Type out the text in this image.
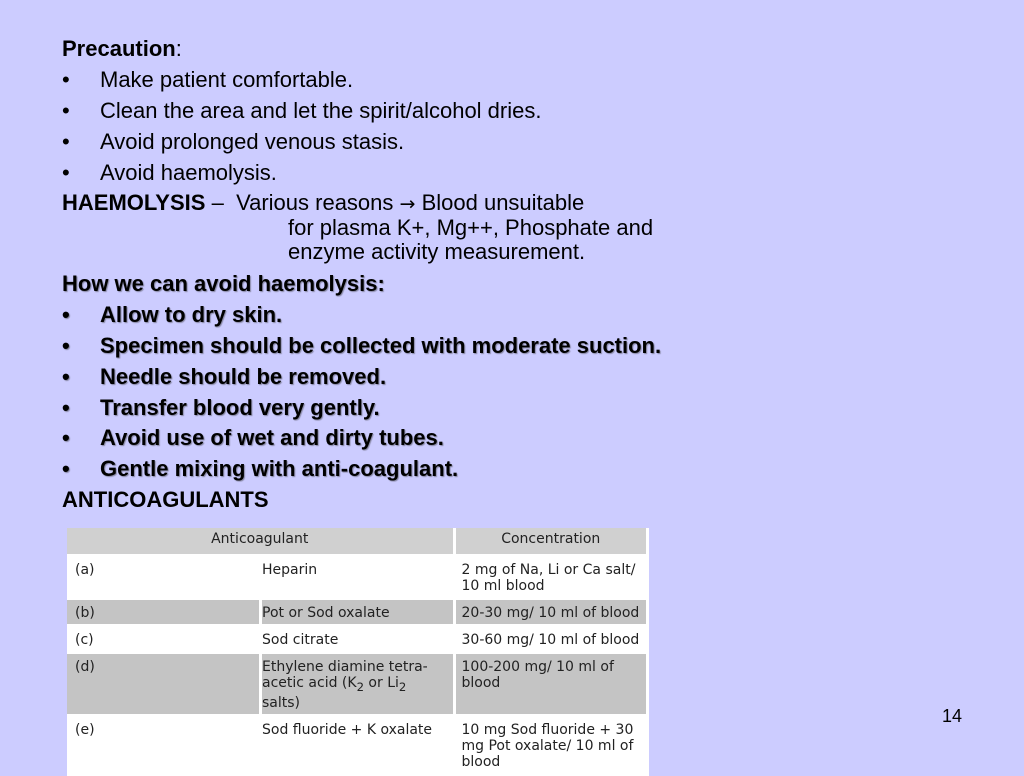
Precaution:
• Make patient comfortable.
• Clean the area and let the spirit/alcohol dries.
• Avoid prolonged venous stasis.
• Avoid haemolysis.
HAEMOLYSIS – Various reasons → Blood unsuitable
for plasma K+, Mg++, Phosphate and
enzyme activity measurement.
How we can avoid haemolysis:
• Allow to dry skin.
• Specimen should be collected with moderate suction.
• Needle should be removed.
• Transfer blood very gently.
• Avoid use of wet and dirty tubes.
• Gentle mixing with anti-coagulant.
ANTICOAGULANTS
Anticoagulant		Concentration
(a)	Heparin	2 mg of Na, Li or Ca salt/ 10 ml blood
(b)	Pot or Sod oxalate	20-30 mg/ 10 ml of blood
(c)	Sod citrate	30-60 mg/ 10 ml of blood
(d)	Ethylene diamine tetra-
acetic acid ($K_2$ or $Li_2$ salts)	100-200 mg/ 10 ml of blood
(e)	Sod fluoride + K oxalate	10 mg Sod fluoride + 30 mg Pot oxalate/ 10 ml of blood
14
